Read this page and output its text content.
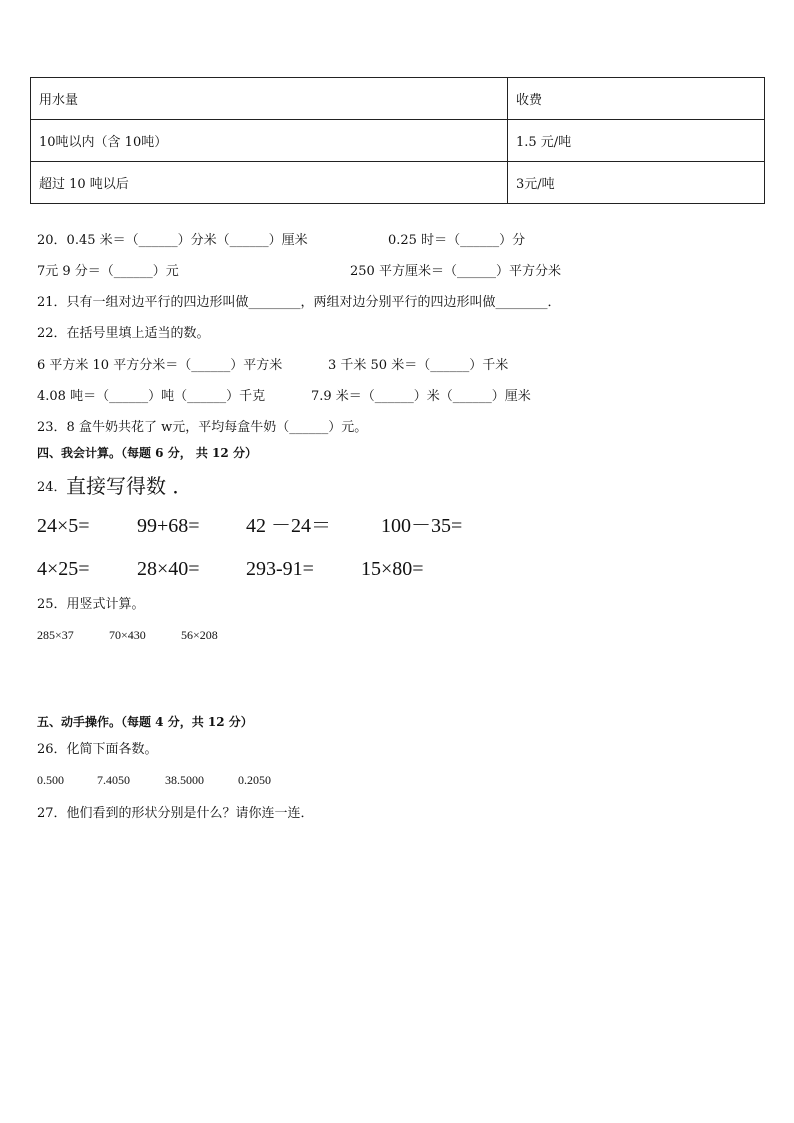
用水量	收费
10吨以内（含 10吨）	1.5 元/吨
超过 10 吨以后	3元/吨
20．0.45 米＝（______）分米（______）厘米	0.25 时＝（______）分
7元 9 分＝（______）元	250 平方厘米＝（______）平方分米
21．只有一组对边平行的四边形叫做________，两组对边分别平行的四边形叫做________．
22．在括号里填上适当的数。
6 平方米 10 平方分米＝（______）平方米	3 千米 50 米＝（______）千米
4.08 吨＝（______）吨（______）千克	7.9 米＝（______）米（______）厘米
23．8 盒牛奶共花了 w元，平均每盒牛奶（______）元。
四、我会计算。（每题 6 分， 共 12 分）
24． 直接写得数 ．
24×5= 99+68= 42 －24＝	100－35=
4×25= 28×40= 293-91= 15×80=
25．用竖式计算。
285×37	70×430	56×208
五、动手操作。（每题 4 分，共 12 分）
26．化简下面各数。
0.500	7.4050	38.5000	0.2050
27．他们看到的形状分别是什么？请你连一连．
